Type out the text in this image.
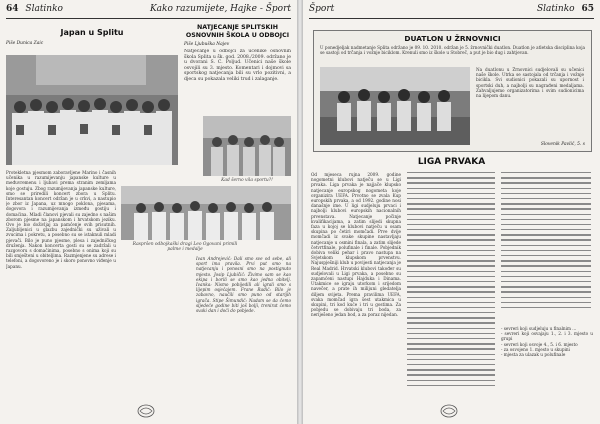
64 Slatinko	Kako razumijete, Hajke - Šport
Japan u Splitu
Piše Dunica Zaic
NATJECANJE SPLITSKIH OSNOVNIH ŠKOLA U ODBOJCI
Piše Ljubuška Najev
Natjecanje u odbojci za učenike osnovnih škola Splita u šk. god. 2008./2009. održano je u dvorani S. C. Poljud. Učenici naše škole osvojili su 3. mjesto. Komentari i dojmovi sa sportskog natjecanja bili su vrlo pozitivni, a djeca su pokazala veliki trud i zalaganje.
Kad šerno vila sportu?!
Protekletna pjesmom zaboravljene Marino i časnih učenika u razumijevanju japanske kulture u međuvremenu i ljubavi prema stranim zemljama koje gostuju. Zbog razumijevanja japanske kulture, smo se priredili koncert zbora u Splitu. Interesantan koncert održan je u crkvi, a nastupio je zbor iz Japana, uz mnogo poklona, pjesama, dogovora i razumijevanja između gostiju i domaćina. Mladi članovi pjevali su zajedno s našim zborom pjesme na japanskom i hrvatskom jeziku. Ovo je bio doživljaj za pamćenje svih prisutnih. Zaljubljenici u glazbu zajednički su uživali u zvucima i pokretu, a posebno su se istaknuli mladi pjevači. Bilo je puno pjesme, plesa i zajedničkog druženja. Nakon koncerta gosti su se zadržali u razgovoru s domaćinima, posebno s onima koji su bili smješteni u obiteljima. Razmjenjene su adrese i telefoni, a dogovoreno je i skoro ponovno viđenje u Japanu.
Raspršen odbojkaški dragi Leo Ogovani primili palme i medalje
Ivan Andrejević: Dali smo sve od sebe, ali sport ima pravila. Prvi put smo na natjecanju i ponosni smo na postignuto mjesto. Josip Ljubičić: Živimo sam se kao ekipa i borili se smo kao jedna obitelj. Ivanka: Nismo pobijedili ali igrali smo s lijepim osjećajem. Frane Radić: Bilo je zabavno, naučili smo puno od starijih igrača. Stipe Šimundić: Nadam se da ćemo sljedeće godine biti još bolji, trenirat ćemo svaki dan i doći do pobjede.
Šport	Slatinko 65
DUATLON U ŽRNOVNICI
U ponedjeljak nadmetanje Splita održano je 09. 10. 2010. održan je 5. žrnovnički duatlon. Duatlon je atletska disciplina koja se sastoji od trčanja i vožnje biciklom. Krenuli smo iz škole u Stobreč, a put je bio dug i zahtjevan.
Na duatlonu u Žrnovnici sudjelovali su učenici naše škole. Utrka se sastojala od trčanja i vožnje bicikla. Svi sudionici pokazali su upornost i sportski duh, a najbolji su nagrađeni medaljama. Zahvaljujemo organizatorima i svim sudionicima na lijepom danu.
Slovenik Pavlić, 5. s
LIGA PRVAKA
Od mjeseca rujna 2009. godine nogometni klubovi natječu se u Ligi prvaka. Liga prvaka je najjače klupsko natjecanje europskog nogometa koje organizira UEFA. Prvotno se zvala Kup europskih prvaka, a od 1992. godine nosi današnje ime. U ligi sudjeluju prvaci i najbolji klubovi europskih nacionalnih prvenstava. Natjecanje počinje kvalifikacijama, a zatim slijedi skupna faza u kojoj se klubovi natječu u osam skupina po četiri momčadi. Prve dvije momčadi iz svake skupine nastavljaju natjecanje u osmini finala, a zatim slijede četvrtfinale, polufinale i finale. Pobjednik dobiva veliki pehar i pravo nastupa na Svjetskom klupskom prvenstvu. Najuspješniji klub u povijesti natjecanja je Real Madrid. Hrvatski klubovi također su sudjelovali u Ligi prvaka, a posebno su zapamćeni nastupi Hajduka i Dinama. Utakmice se igraju utorkom i srijedom navečer, a prate ih milijuni gledatelja diljem svijeta. Prema pravilima UEFA, svaka momčad igra šest utakmica u skupini, tri kod kuće i tri u gostima. Za pobjedu se dobivaju tri boda, za neriješeno jedan bod, a za poraz nijedan.
- sevreri koji sudjeluju u finalnim ...
- sevreri koji osvajaju 1., 2. i 3. mjesto u grupi
- sevreri koji osvoje 4., 5. i 6. mjesto
- za osvojeno 1. mjesto u skupini
- mjesta za ulazak u polufinale
